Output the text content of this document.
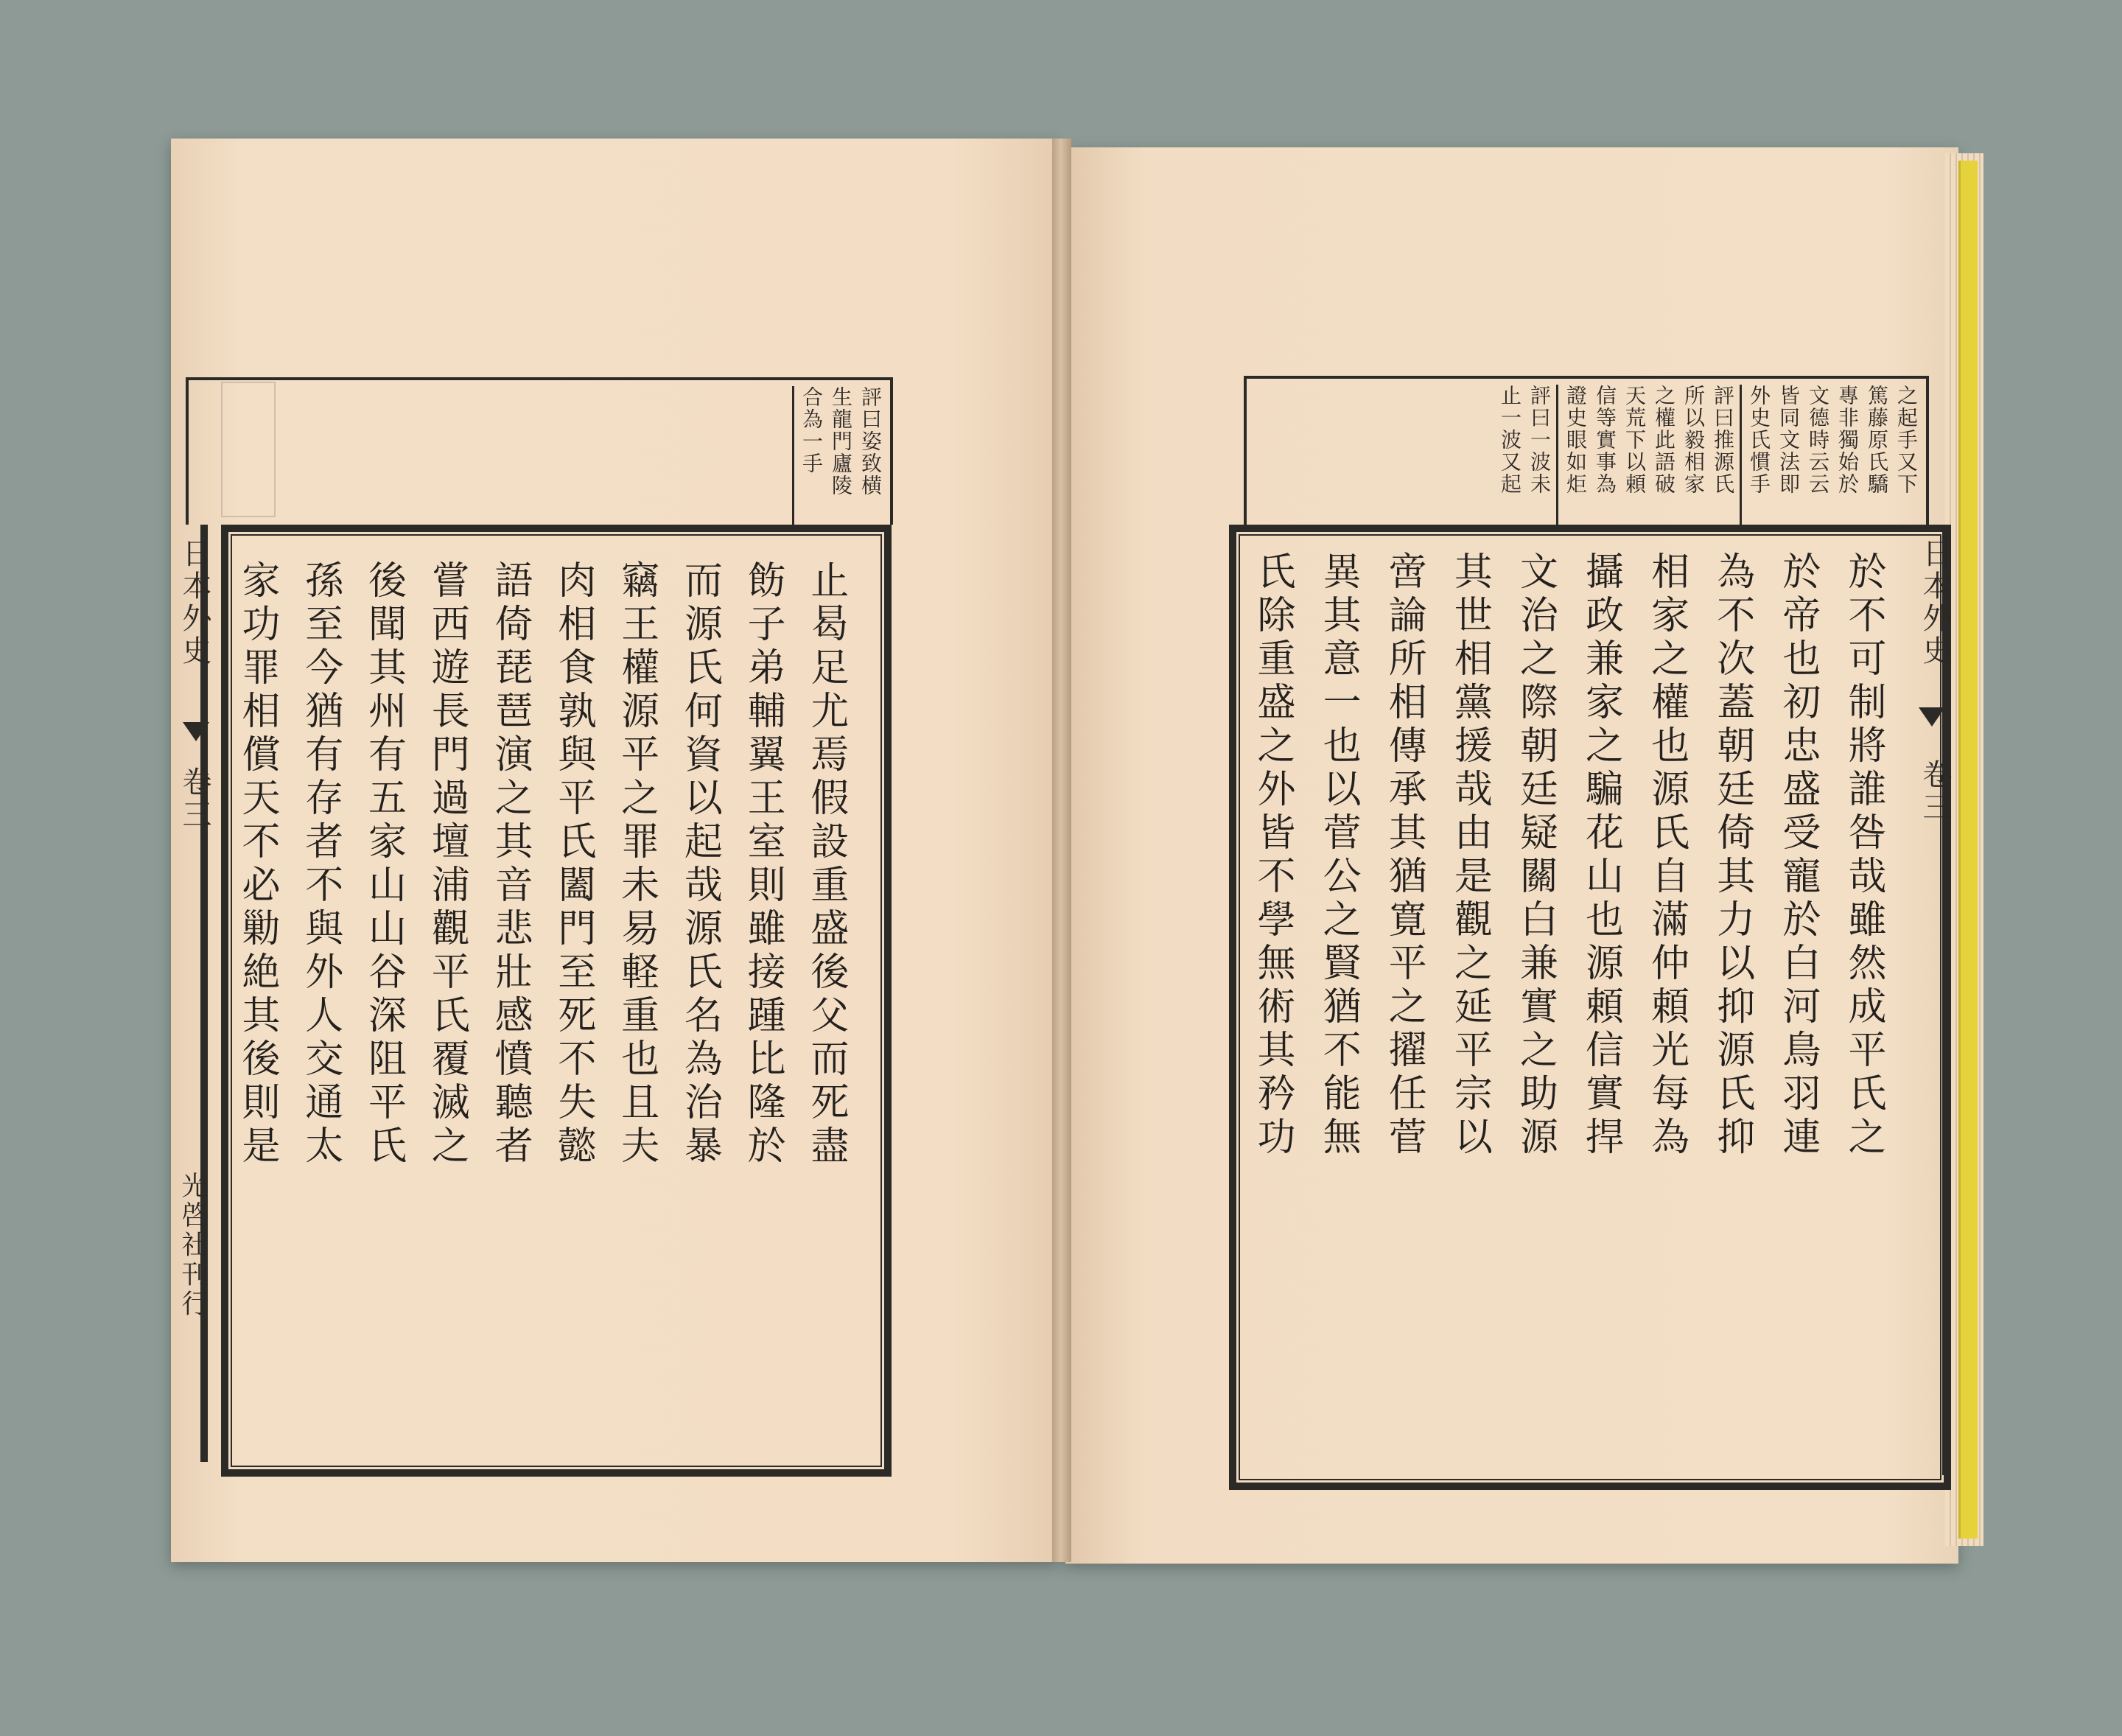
評曰姿致横
生龍門廬陵
合為一手
日本外史
卷三
光啓社刊行
止曷足尤焉假設重盛後父而死盡
飭子弟輔翼王室則雖接踵比隆於
而源氏何資以起哉源氏名為治暴
竊王權源平之罪未易軽重也且夫
肉相食孰與平氏闔門至死不失懿
語倚琵琶演之其音悲壯感憤聽者
嘗西遊長門過壇浦觀平氏覆滅之
後聞其州有五家山山谷深阻平氏
孫至今猶有存者不與外人交通太
家功罪相償天不必勦絶其後則是
之起手又下
篤藤原氏驕
專非獨始於
文德時云云
皆同文法即
外史氏慣手
評曰推源氏
所以毅相家
之權此語破
天荒下以頼
信等實事為
證史眼如炬
評曰一波未
止一波又起
日本外史
卷三
於不可制將誰咎哉雖然成平氏之
於帝也初忠盛受寵於白河鳥羽連
為不次蓋朝廷倚其力以抑源氏抑
相家之權也源氏自滿仲頼光每為
攝政兼家之騙花山也源頼信實捍
文治之際朝廷疑關白兼實之助源
其世相黨援哉由是觀之延平宗以
啻論所相傳承其猶寛平之擢任菅
異其意一也以菅公之賢猶不能無
氏除重盛之外皆不學無術其矜功
